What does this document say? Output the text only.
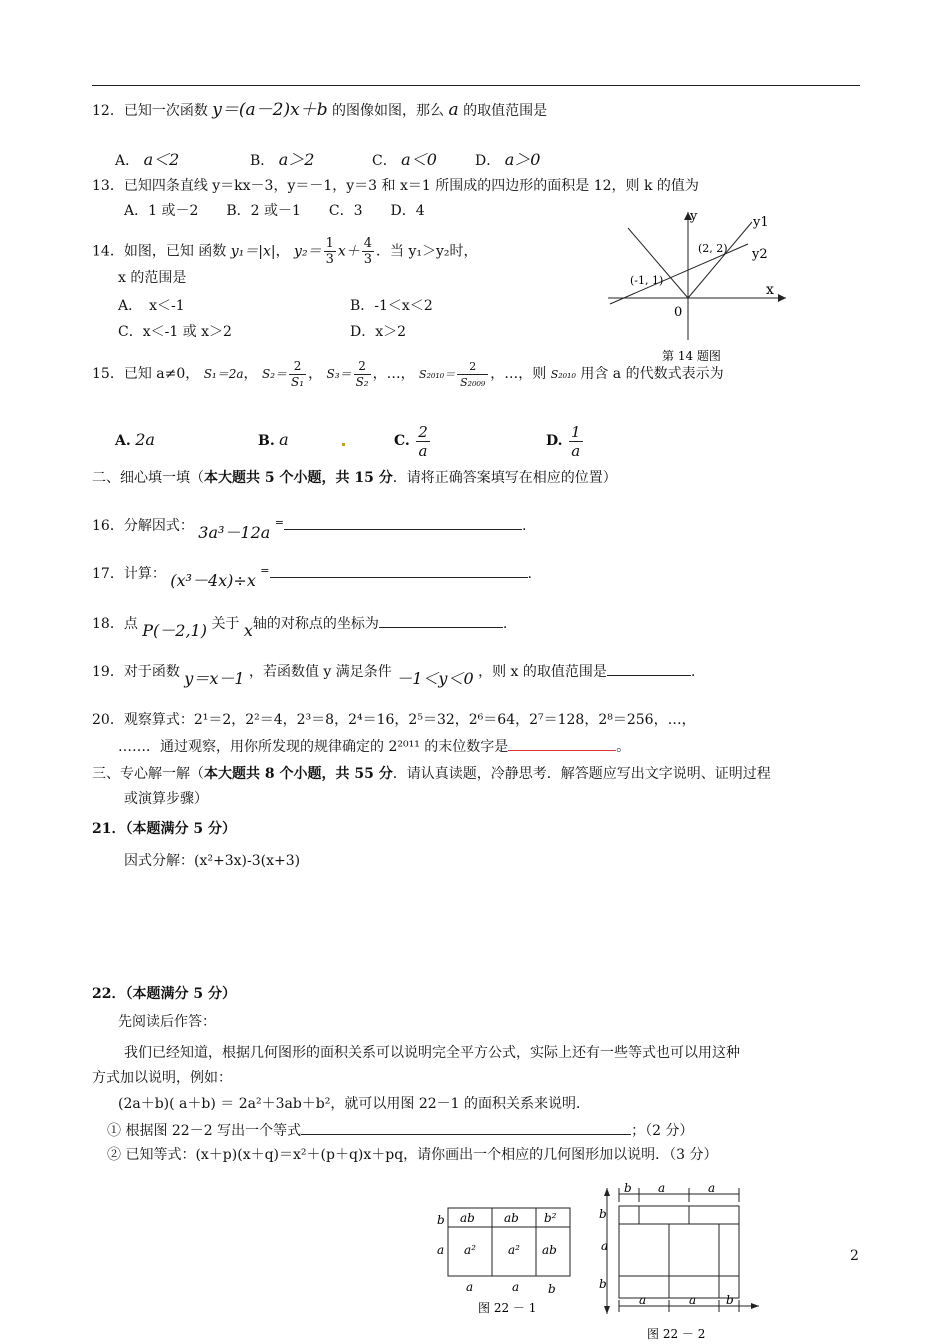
12．已知一次函数 y＝(a－2)x＋b 的图像如图，那么 a 的取值范围是
A． a＜2	B． a＞2	C． a＜0	D． a＞0
13．已知四条直线 y＝kx－3，y＝－1，y＝3 和 x＝1 所围成的四边形的面积是 12，则 k 的值为
A．1 或－2　　B．2 或－1　　C．3　　D．4
14．如图，已知 函数 y₁＝|x|， $y_2= \frac{1}{3} x+ \frac{4}{3}$ ．当 y₁＞y₂时，
x 的范围是
A．　x＜-1	B．-1＜x＜2
C．x＜-1 或 x＞2	D．x＞2
y
x
0
(-1, 1)
(2, 2)
y1
y2
第 14 题图
15．已知 a≠0， S₁＝2a， $S_2= \frac{2}{\text{S₁}}$ ， $S_3= \frac{2}{\text{S₂}}$ ，…， $S_{2010}= \frac{2}{\text{S₂₀₀₉}}$ ，…，则 S₂₀₁₀ 用含 a 的代数式表示为
A. 2a	B. a	C. $\frac{2}{a}$	D. $\frac{1}{a}$
二、细心填一填（本大题共 5 个小题，共 15 分．请将正确答案填写在相应的位置）
16．分解因式： 3a³－12a =	.
17．计算： (x³－4x)÷x =	.
18．点 P(－2,1) 关于 x轴的对称点的坐标为	.
19．对于函数 y＝x－1 ，若函数值 y 满足条件 －1＜y＜0 ，则 x 的取值范围是	.
20．观察算式：2¹＝2，2²＝4，2³＝8，2⁴＝16，2⁵＝32，2⁶＝64，2⁷＝128，2⁸＝256，…，
……．通过观察，用你所发现的规律确定的 2²⁰¹¹ 的末位数字是	。
三、专心解一解（本大题共 8 个小题，共 55 分．请认真读题，冷静思考．解答题应写出文字说明、证明过程
或演算步骤）
21．（本题满分 5 分）
因式分解：(x²+3x)-3(x+3)
22．（本题满分 5 分）
先阅读后作答：
我们已经知道，根据几何图形的面积关系可以说明完全平方公式，实际上还有一些等式也可以用这种
方式加以说明，例如：
(2a＋b)( a＋b) ＝ 2a²＋3ab＋b²，就可以用图 22－1 的面积关系来说明．
① 根据图 22－2 写出一个等式	；（2 分）
② 已知等式：(x＋p)(x＋q)＝x²＋(p＋q)x＋pq，请你画出一个相应的几何图形加以说明．（3 分）
ab ab b²
a²	a² ab
b
a
a	a b
图 22 － 1
b a	a
b
a
b
a	a b
图 22 － 2
2
